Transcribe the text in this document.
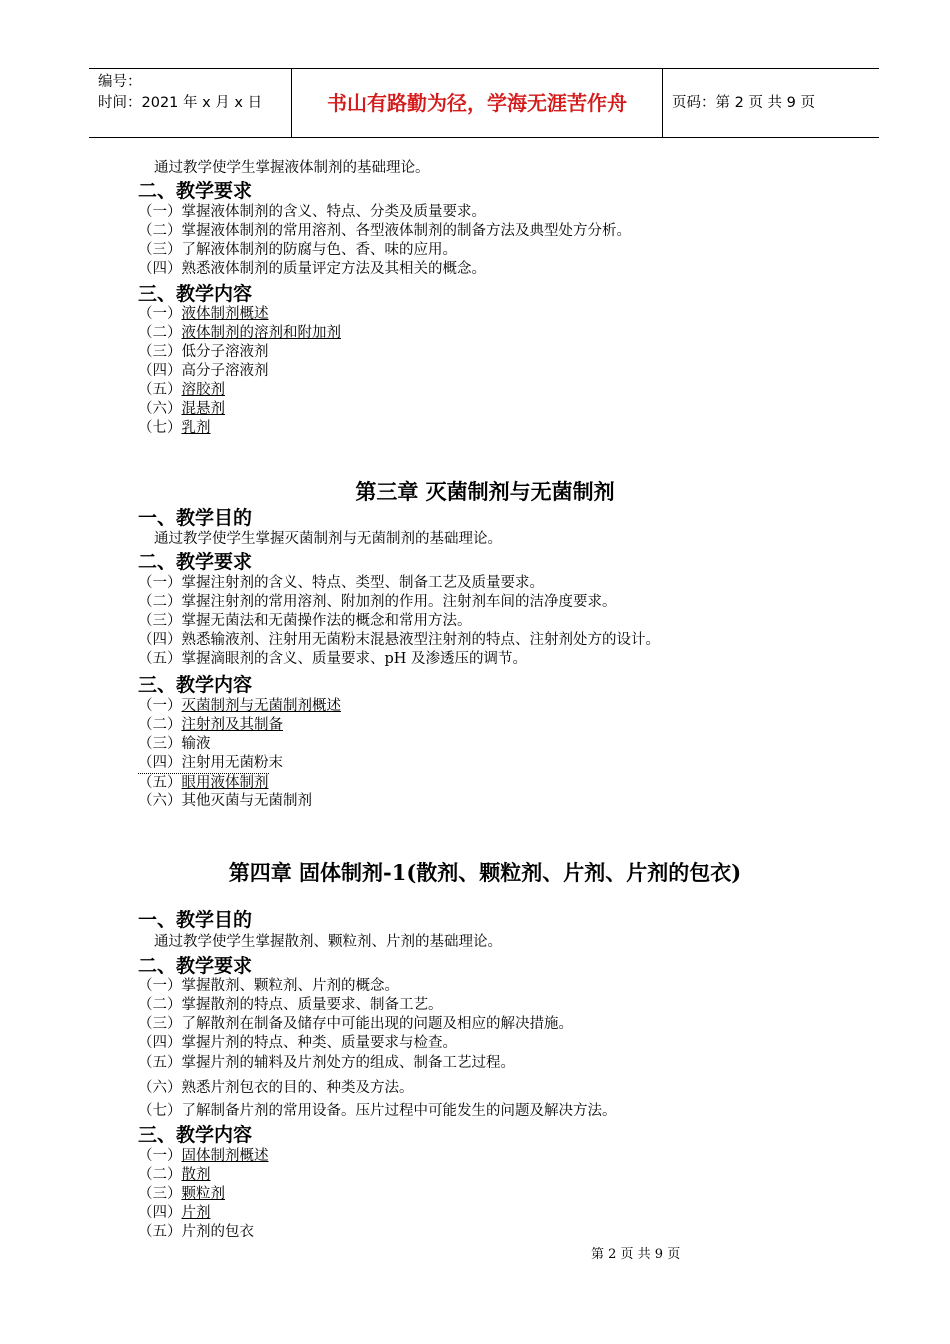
编号：
时间：2021 年 x 月 x 日	书山有路勤为径，学海无涯苦作舟	页码：第 2 页 共 9 页
通过教学使学生掌握液体制剂的基础理论。
二、教学要求
（一）掌握液体制剂的含义、特点、分类及质量要求。
（二）掌握液体制剂的常用溶剂、各型液体制剂的制备方法及典型处方分析。
（三）了解液体制剂的防腐与色、香、味的应用。
（四）熟悉液体制剂的质量评定方法及其相关的概念。
三、教学内容
（一）液体制剂概述
（二）液体制剂的溶剂和附加剂
（三）低分子溶液剂
（四）高分子溶液剂
（五）溶胶剂
（六）混悬剂
（七）乳剂
第三章 灭菌制剂与无菌制剂
一、教学目的
通过教学使学生掌握灭菌制剂与无菌制剂的基础理论。
二、教学要求
（一）掌握注射剂的含义、特点、类型、制备工艺及质量要求。
（二）掌握注射剂的常用溶剂、附加剂的作用。注射剂车间的洁净度要求。
（三）掌握无菌法和无菌操作法的概念和常用方法。
（四）熟悉输液剂、注射用无菌粉末混悬液型注射剂的特点、注射剂处方的设计。
（五）掌握滴眼剂的含义、质量要求、pH 及渗透压的调节。
三、教学内容
（一）灭菌制剂与无菌制剂概述
（二）注射剂及其制备
（三）输液
（四）注射用无菌粉末
（五）眼用液体制剂
（六）其他灭菌与无菌制剂
第四章 固体制剂-1(散剂、颗粒剂、片剂、片剂的包衣)
一、教学目的
通过教学使学生掌握散剂、颗粒剂、片剂的基础理论。
二、教学要求
（一）掌握散剂、颗粒剂、片剂的概念。
（二）掌握散剂的特点、质量要求、制备工艺。
（三）了解散剂在制备及储存中可能出现的问题及相应的解决措施。
（四）掌握片剂的特点、种类、质量要求与检查。
（五）掌握片剂的辅料及片剂处方的组成、制备工艺过程。
（六）熟悉片剂包衣的目的、种类及方法。
（七）了解制备片剂的常用设备。压片过程中可能发生的问题及解决方法。
三、教学内容
（一）固体制剂概述
（二）散剂
（三）颗粒剂
（四）片剂
（五）片剂的包衣
第 2 页 共 9 页
